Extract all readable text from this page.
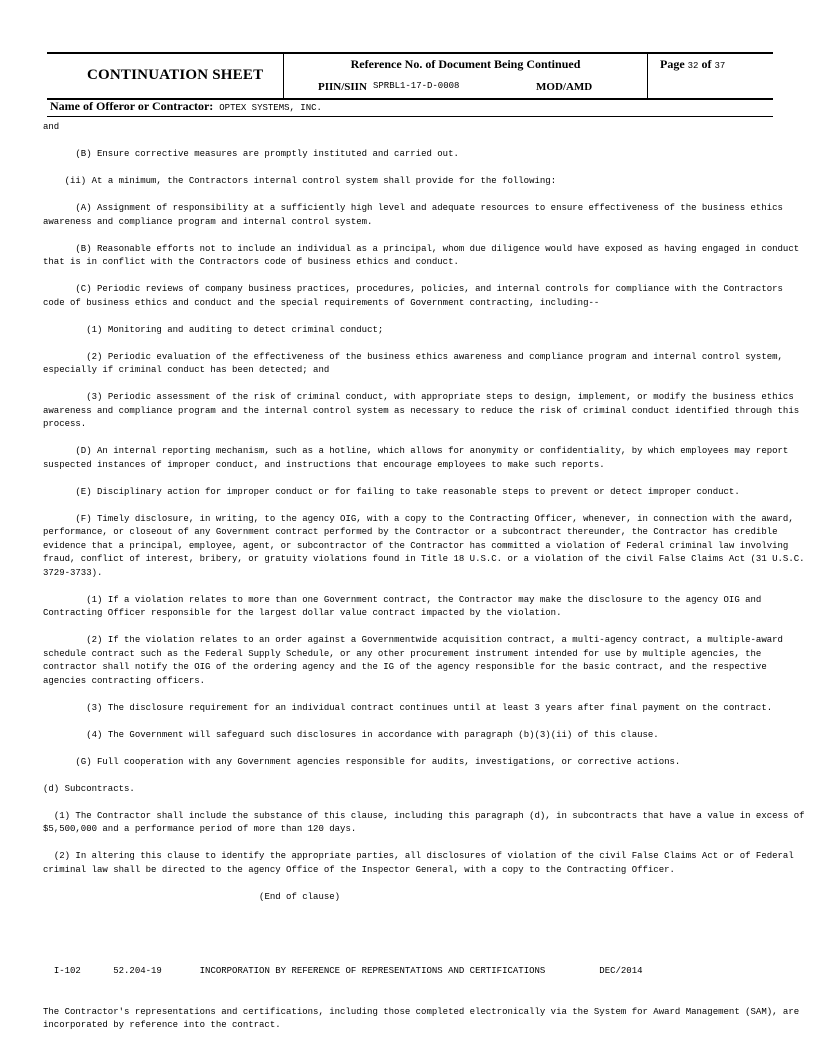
CONTINUATION SHEET
Reference No. of Document Being Continued
PIIN/SIIN SPRBL1-17-D-0008	MOD/AMD
Page 32 of 37
Name of Offeror or Contractor: OPTEX SYSTEMS, INC.

and

(B) Ensure corrective measures are promptly instituted and carried out.

(ii) At a minimum, the Contractors internal control system shall provide for the following:

(A) Assignment of responsibility at a sufficiently high level and adequate resources to ensure effectiveness of the business ethics awareness and compliance program and internal control system.

(B) Reasonable efforts not to include an individual as a principal, whom due diligence would have exposed as having engaged in conduct that is in conflict with the Contractors code of business ethics and conduct.

(C) Periodic reviews of company business practices, procedures, policies, and internal controls for compliance with the Contractors code of business ethics and conduct and the special requirements of Government contracting, including--

(1) Monitoring and auditing to detect criminal conduct;

(2) Periodic evaluation of the effectiveness of the business ethics awareness and compliance program and internal control system, especially if criminal conduct has been detected; and

(3) Periodic assessment of the risk of criminal conduct, with appropriate steps to design, implement, or modify the business ethics awareness and compliance program and the internal control system as necessary to reduce the risk of criminal conduct identified through this process.

(D) An internal reporting mechanism, such as a hotline, which allows for anonymity or confidentiality, by which employees may report suspected instances of improper conduct, and instructions that encourage employees to make such reports.

(E) Disciplinary action for improper conduct or for failing to take reasonable steps to prevent or detect improper conduct.

(F) Timely disclosure, in writing, to the agency OIG, with a copy to the Contracting Officer, whenever, in connection with the award, performance, or closeout of any Government contract performed by the Contractor or a subcontract thereunder, the Contractor has credible evidence that a principal, employee, agent, or subcontractor of the Contractor has committed a violation of Federal criminal law involving fraud, conflict of interest, bribery, or gratuity violations found in Title 18 U.S.C. or a violation of the civil False Claims Act (31 U.S.C. 3729-3733).

(1) If a violation relates to more than one Government contract, the Contractor may make the disclosure to the agency OIG and Contracting Officer responsible for the largest dollar value contract impacted by the violation.

(2) If the violation relates to an order against a Governmentwide acquisition contract, a multi-agency contract, a multiple-award schedule contract such as the Federal Supply Schedule, or any other procurement instrument intended for use by multiple agencies, the contractor shall notify the OIG of the ordering agency and the IG of the agency responsible for the basic contract, and the respective agencies contracting officers.

(3) The disclosure requirement for an individual contract continues until at least 3 years after final payment on the contract.

(4) The Government will safeguard such disclosures in accordance with paragraph (b)(3)(ii) of this clause.

(G) Full cooperation with any Government agencies responsible for audits, investigations, or corrective actions.

(d) Subcontracts.

(1) The Contractor shall include the substance of this clause, including this paragraph (d), in subcontracts that have a value in excess of $5,500,000 and a performance period of more than 120 days.

(2) In altering this clause to identify the appropriate parties, all disclosures of violation of the civil False Claims Act or of Federal criminal law shall be directed to the agency Office of the Inspector General, with a copy to the Contracting Officer.

(End of clause)

I-102      52.204-19       INCORPORATION BY REFERENCE OF REPRESENTATIONS AND CERTIFICATIONS          DEC/2014

The Contractor's representations and certifications, including those completed electronically via the System for Award Management (SAM), are incorporated by reference into the contract.
